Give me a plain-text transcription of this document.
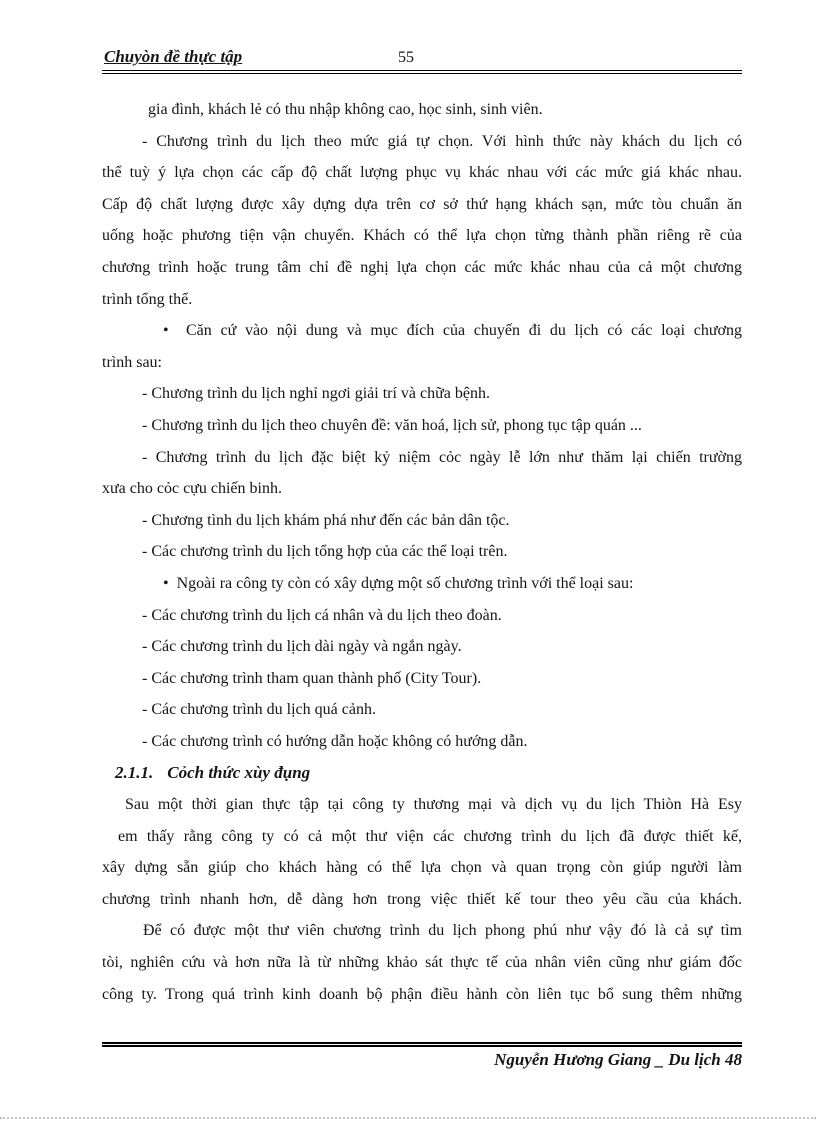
Chuyòn đề thực tập	55
gia đình, khách lẻ có thu nhập không cao, học sinh, sinh viên.
- Chương trình du lịch theo mức giá tự chọn. Với hình thức này khách du lịch có
thể tuỳ ý lựa chọn các cấp độ chất lượng phục vụ khác nhau với các mức giá khác nhau.
Cấp độ chất lượng được xây dựng dựa trên cơ sở thứ hạng khách sạn, mức tòu chuẩn ăn
uống hoặc phương tiện vận chuyển. Khách có thể lựa chọn từng thành phần riêng rẽ của
chương trình hoặc trung tâm chỉ đề nghị lựa chọn các mức khác nhau của cả một chương
trình tổng thể.
•  Căn cứ vào nội dung và mục đích của chuyến đi du lịch có các loại chương
trình sau:
- Chương trình du lịch nghỉ ngơi giải trí và chữa bệnh.
- Chương trình du lịch theo chuyên đề: văn hoá, lịch sử, phong tục tập quán ...
- Chương trình du lịch đặc biệt kỷ niệm cỏc ngày lễ lớn như thăm lại chiến trường
xưa cho cỏc cựu chiến binh.
- Chương tình du lịch khám phá như đến các bản dân tộc.
- Các chương trình du lịch tổng hợp của các thể loại trên.
•  Ngoài ra công ty còn có xây dựng một số chương trình với thể loại sau:
- Các chương trình du lịch cá nhân và du lịch theo đoàn.
- Các chương trình du lịch dài ngày và ngắn ngày.
- Các chương trình tham quan thành phố (City Tour).
- Các chương trình du lịch quá cảnh.
- Các chương trình có hướng dẫn hoặc không có hướng dẫn.
2.1.1. Cỏch thức xùy đụng
Sau một thời gian thực tập tại công ty thương mại và dịch vụ du lịch Thiòn Hà Esy
em thấy rằng công ty có cả một thư viện các chương trình du lịch đã được thiết kế,
xây dựng sẵn giúp cho khách hàng có thể lựa chọn và quan trọng còn giúp người làm
chương trình nhanh hơn, dễ dàng hơn trong việc thiết kế tour theo yêu cầu của khách.
Để có được một thư viên chương trình du lịch phong phú như vậy đó là cả sự tìm
tòi, nghiên cứu và hơn nữa là từ những khảo sát thực tế của nhân viên cũng như giám đốc
công ty. Trong quá trình kinh doanh bộ phận điều hành còn liên tục bổ sung thêm những
Nguyễn Hương Giang _ Du lịch 48
